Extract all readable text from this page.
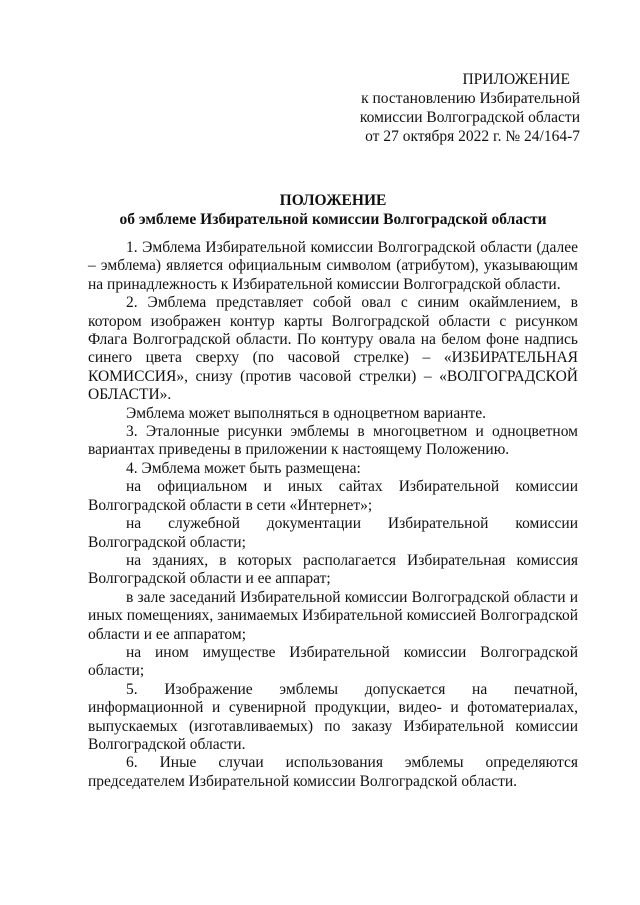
ПРИЛОЖЕНИЕ
к постановлению Избирательной
комиссии Волгоградской области
от 27 октября 2022 г. № 24/164-7
ПОЛОЖЕНИЕ
об эмблеме Избирательной комиссии Волгоградской области

1. Эмблема Избирательной комиссии Волгоградской области (далее – эмблема) является официальным символом (атрибутом), указывающим на принадлежность к Избирательной комиссии Волгоградской области.

2. Эмблема представляет собой овал с синим окаймлением, в котором изображен контур карты Волгоградской области с рисунком Флага Волгоградской области. По контуру овала на белом фоне надпись синего цвета сверху (по часовой стрелке) – «ИЗБИРАТЕЛЬНАЯ КОМИССИЯ», снизу (против часовой стрелки) – «ВОЛГОГРАДСКОЙ ОБЛАСТИ».

Эмблема может выполняться в одноцветном варианте.

3. Эталонные рисунки эмблемы в многоцветном и одноцветном вариантах приведены в приложении к настоящему Положению.

4. Эмблема может быть размещена:

на официальном и иных сайтах Избирательной комиссии Волгоградской области в сети «Интернет»;

на служебной документации Избирательной комиссии Волгоградской области;

на зданиях, в которых располагается Избирательная комиссия Волгоградской области и ее аппарат;

в зале заседаний Избирательной комиссии Волгоградской области и иных помещениях, занимаемых Избирательной комиссией Волгоградской области и ее аппаратом;

на ином имуществе Избирательной комиссии Волгоградской области;

5. Изображение эмблемы допускается на печатной, информационной и сувенирной продукции, видео- и фотоматериалах, выпускаемых (изготавливаемых) по заказу Избирательной комиссии Волгоградской области.

6. Иные случаи использования эмблемы определяются председателем Избирательной комиссии Волгоградской области.
